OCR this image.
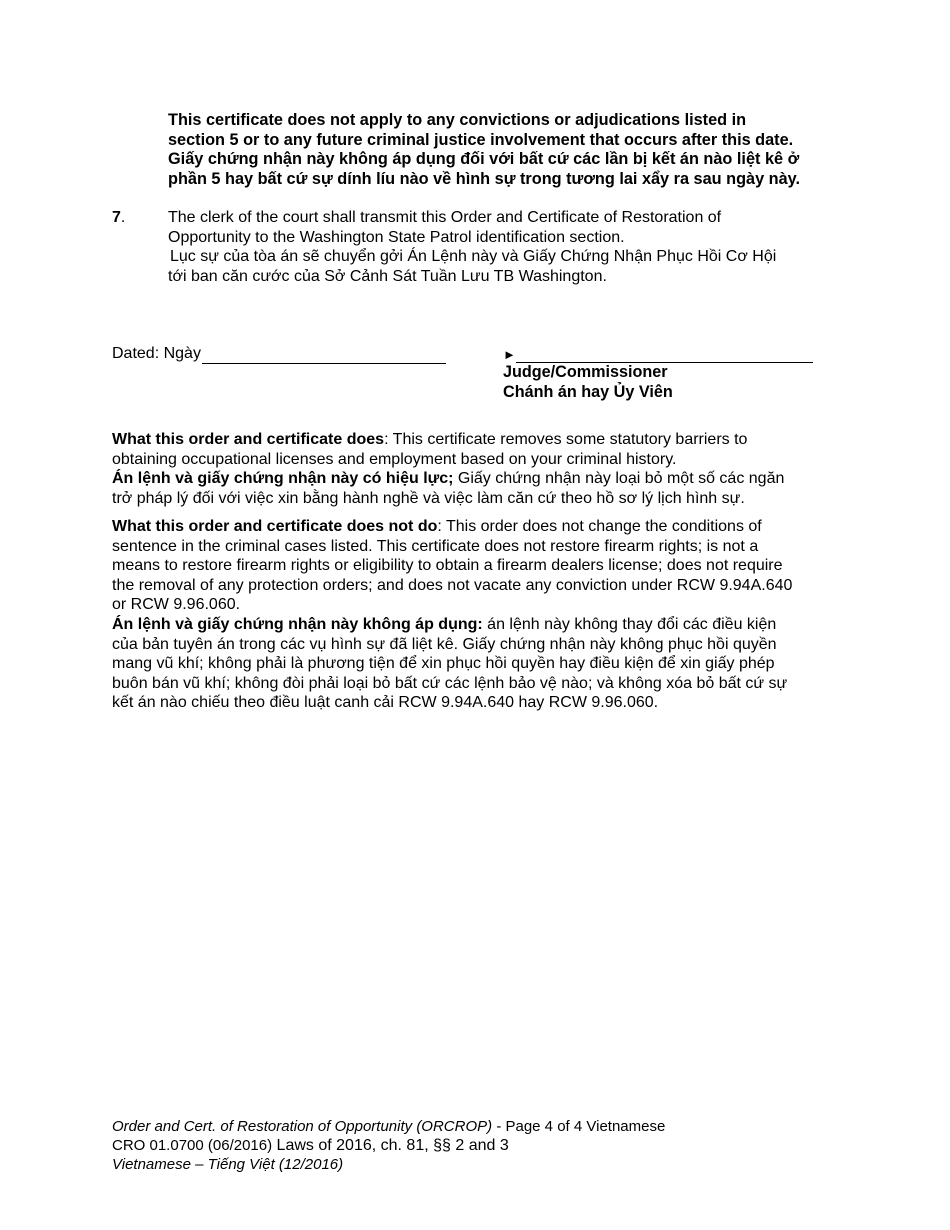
This certificate does not apply to any convictions or adjudications listed in

section 5 or to any future criminal justice involvement that occurs after this date.

Giấy chứng nhận này không áp dụng đối với bất cứ các lần bị kết án nào liệt kê ở

phần 5 hay bất cứ sự dính líu nào về hình sự trong tương lai xẩy ra sau ngày này.

7.	The clerk of the court shall transmit this Order and Certificate of Restoration of

Opportunity to the Washington State Patrol identification section.

Lục sự của tòa án sẽ chuyển gởi Án Lệnh này và Giấy Chứng Nhận Phục Hồi Cơ Hội

tới ban căn cước của Sở Cảnh Sát Tuần Lưu TB Washington.

Dated: Ngày	►

Judge/Commissioner

Chánh án hay Ủy Viên

What this order and certificate does: This certificate removes some statutory barriers to

obtaining occupational licenses and employment based on your criminal history.

Án lệnh và giấy chứng nhận này có hiệu lực; Giấy chứng nhận này loại bỏ một số các ngăn

trở pháp lý đối với việc xin bằng hành nghề và việc làm căn cứ theo hồ sơ lý lịch hình sự.

What this order and certificate does not do: This order does not change the conditions of

sentence in the criminal cases listed. This certificate does not restore firearm rights; is not a

means to restore firearm rights or eligibility to obtain a firearm dealers license; does not require

the removal of any protection orders; and does not vacate any conviction under RCW 9.94A.640

or RCW 9.96.060.

Án lệnh và giấy chứng nhận này không áp dụng: án lệnh này không thay đổi các điều kiện

của bản tuyên án trong các vụ hình sự đã liệt kê. Giấy chứng nhận này không phục hồi quyền

mang vũ khí; không phải là phương tiện để xin phục hồi quyền hay điều kiện để xin giấy phép

buôn bán vũ khí; không đòi phải loại bỏ bất cứ các lệnh bảo vệ nào; và không xóa bỏ bất cứ sự

kết án nào chiếu theo điều luật canh cải RCW 9.94A.640 hay RCW 9.96.060.

Order and Cert. of Restoration of Opportunity (ORCROP) - Page 4 of 4 Vietnamese

CRO 01.0700 (06/2016) Laws of 2016, ch. 81, §§ 2 and 3

Vietnamese – Tiếng Việt (12/2016)
